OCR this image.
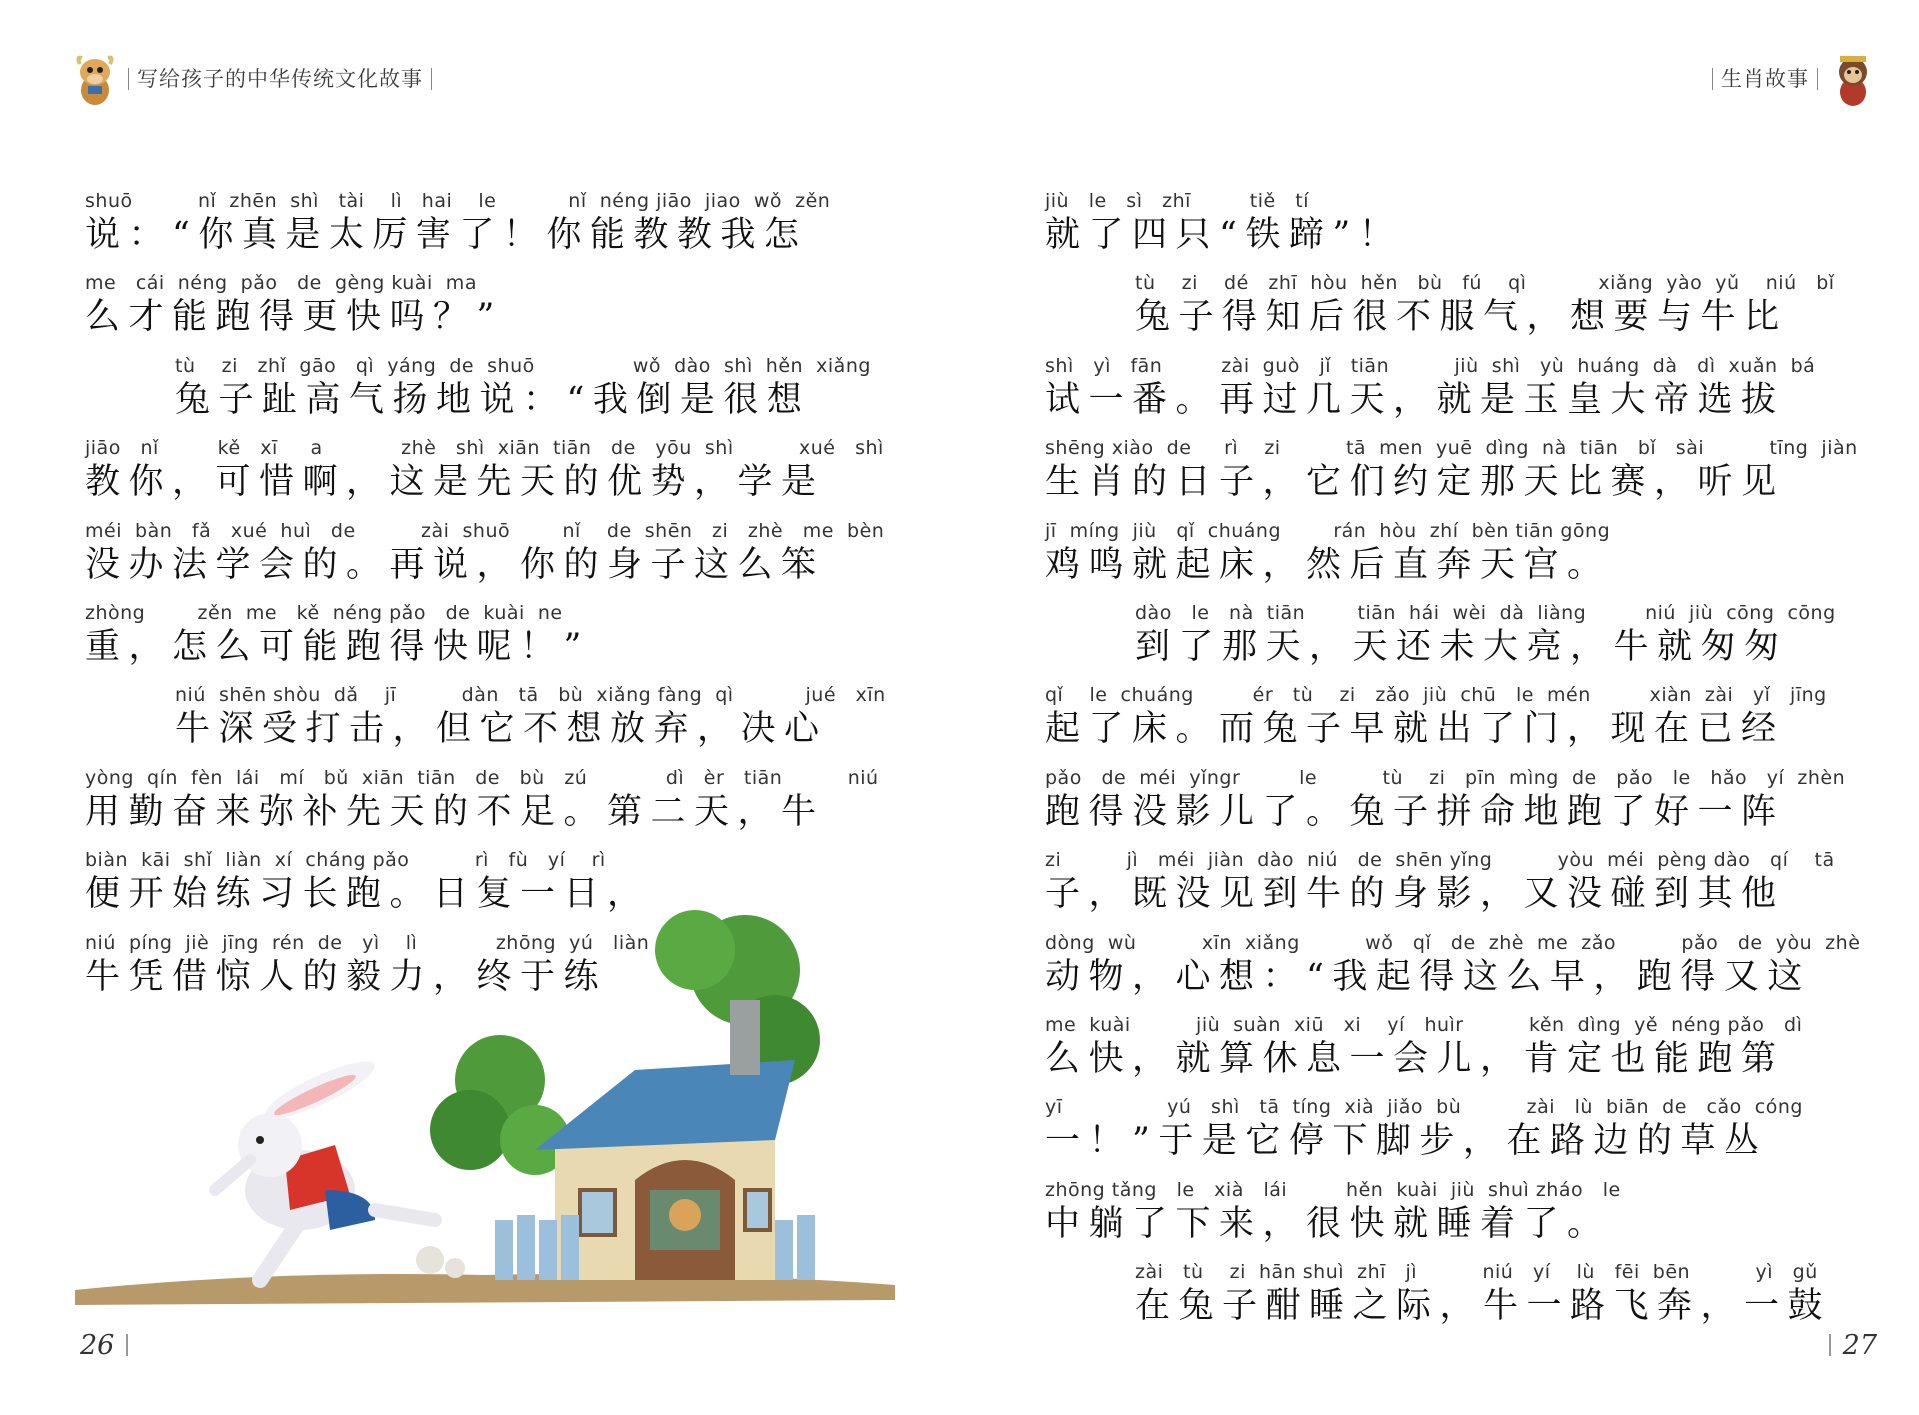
写给孩子的中华传统文化故事
shuō          nǐ  zhēn  shì   tài    lì   hai    le           nǐ  néng jiāo  jiao  wǒ  zěn
说：“你真是太厉害了！你能教教我怎
me   cái  néng  pǎo   de  gèng kuài  ma
么才能跑得更快吗？”
tù    zi   zhǐ  gāo   qì  yáng  de  shuō               wǒ  dào  shì  hěn  xiǎng
兔子趾高气扬地说：“我倒是很想
jiāo   nǐ         kě   xī     a            zhè   shì  xiān  tiān   de   yōu  shì          xué   shì
教你，可惜啊，这是先天的优势，学是
méi  bàn   fǎ   xué  huì   de          zài  shuō        nǐ    de  shēn   zi   zhè   me  bèn
没办法学会的。再说，你的身子这么笨
zhòng        zěn  me   kě  néng pǎo   de  kuài  ne
重，怎么可能跑得快呢！”
niú  shēn shòu  dǎ    jī          dàn   tā   bù  xiǎng fàng  qì           jué   xīn
牛深受打击，但它不想放弃，决心
yòng  qín  fèn  lái   mí   bǔ  xiān  tiān   de   bù   zú            dì   èr   tiān          niú
用勤奋来弥补先天的不足。第二天，牛
biàn  kāi  shǐ  liàn  xí  cháng pǎo          rì   fù   yí    rì
便开始练习长跑。日复一日，
niú  píng  jiè  jīng  rén  de   yì    lì            zhōng  yú   liàn
牛凭借惊人的毅力，终于练
26
生肖故事
jiù   le   sì   zhī         tiě   tí
就了四只“铁蹄”！
tù    zi    dé   zhī  hòu  hěn   bù   fú    qì           xiǎng  yào  yǔ    niú   bǐ
兔子得知后很不服气，想要与牛比
shì   yì   fān         zài  guò   jǐ   tiān          jiù  shì   yù  huáng  dà   dì  xuǎn  bá
试一番。再过几天，就是玉皇大帝选拔
shēng xiào  de     rì    zi          tā  men  yuē  dìng  nà  tiān   bǐ   sài          tīng  jiàn
生肖的日子，它们约定那天比赛，听见
jī  míng  jiù   qǐ  chuáng        rán  hòu  zhí  bèn tiān gōng
鸡鸣就起床，然后直奔天宫。
dào   le   nà  tiān        tiān  hái  wèi  dà  liàng         niú  jiù  cōng  cōng
到了那天，天还未大亮，牛就匆匆
qǐ    le  chuáng         ér   tù    zi   zǎo  jiù  chū   le  mén         xiàn  zài   yǐ   jīng
起了床。而兔子早就出了门，现在已经
pǎo   de  méi  yǐngr         le          tù    zi   pīn  mìng  de   pǎo   le   hǎo   yí  zhèn
跑得没影儿了。兔子拼命地跑了好一阵
zi          jì   méi  jiàn  dào  niú   de  shēn yǐng          yòu  méi  pèng dào   qí    tā
子，既没见到牛的身影，又没碰到其他
dòng  wù          xīn  xiǎng          wǒ   qǐ   de  zhè  me  zǎo          pǎo   de  yòu  zhè
动物，心想：“我起得这么早，跑得又这
me  kuài          jiù  suàn  xiū   xi    yí   huìr          kěn  dìng  yě  néng pǎo   dì
么快，就算休息一会儿，肯定也能跑第
yī                yú   shì   tā  tíng  xià  jiǎo  bù          zài   lù  biān  de   cǎo  cóng
一！”于是它停下脚步，在路边的草丛
zhōng tǎng   le   xià   lái         hěn  kuài  jiù  shuì zháo   le
中躺了下来，很快就睡着了。
zài   tù    zi  hān shuì  zhī   jì          niú   yí    lù   fēi  bēn          yì   gǔ
在兔子酣睡之际，牛一路飞奔，一鼓
27
